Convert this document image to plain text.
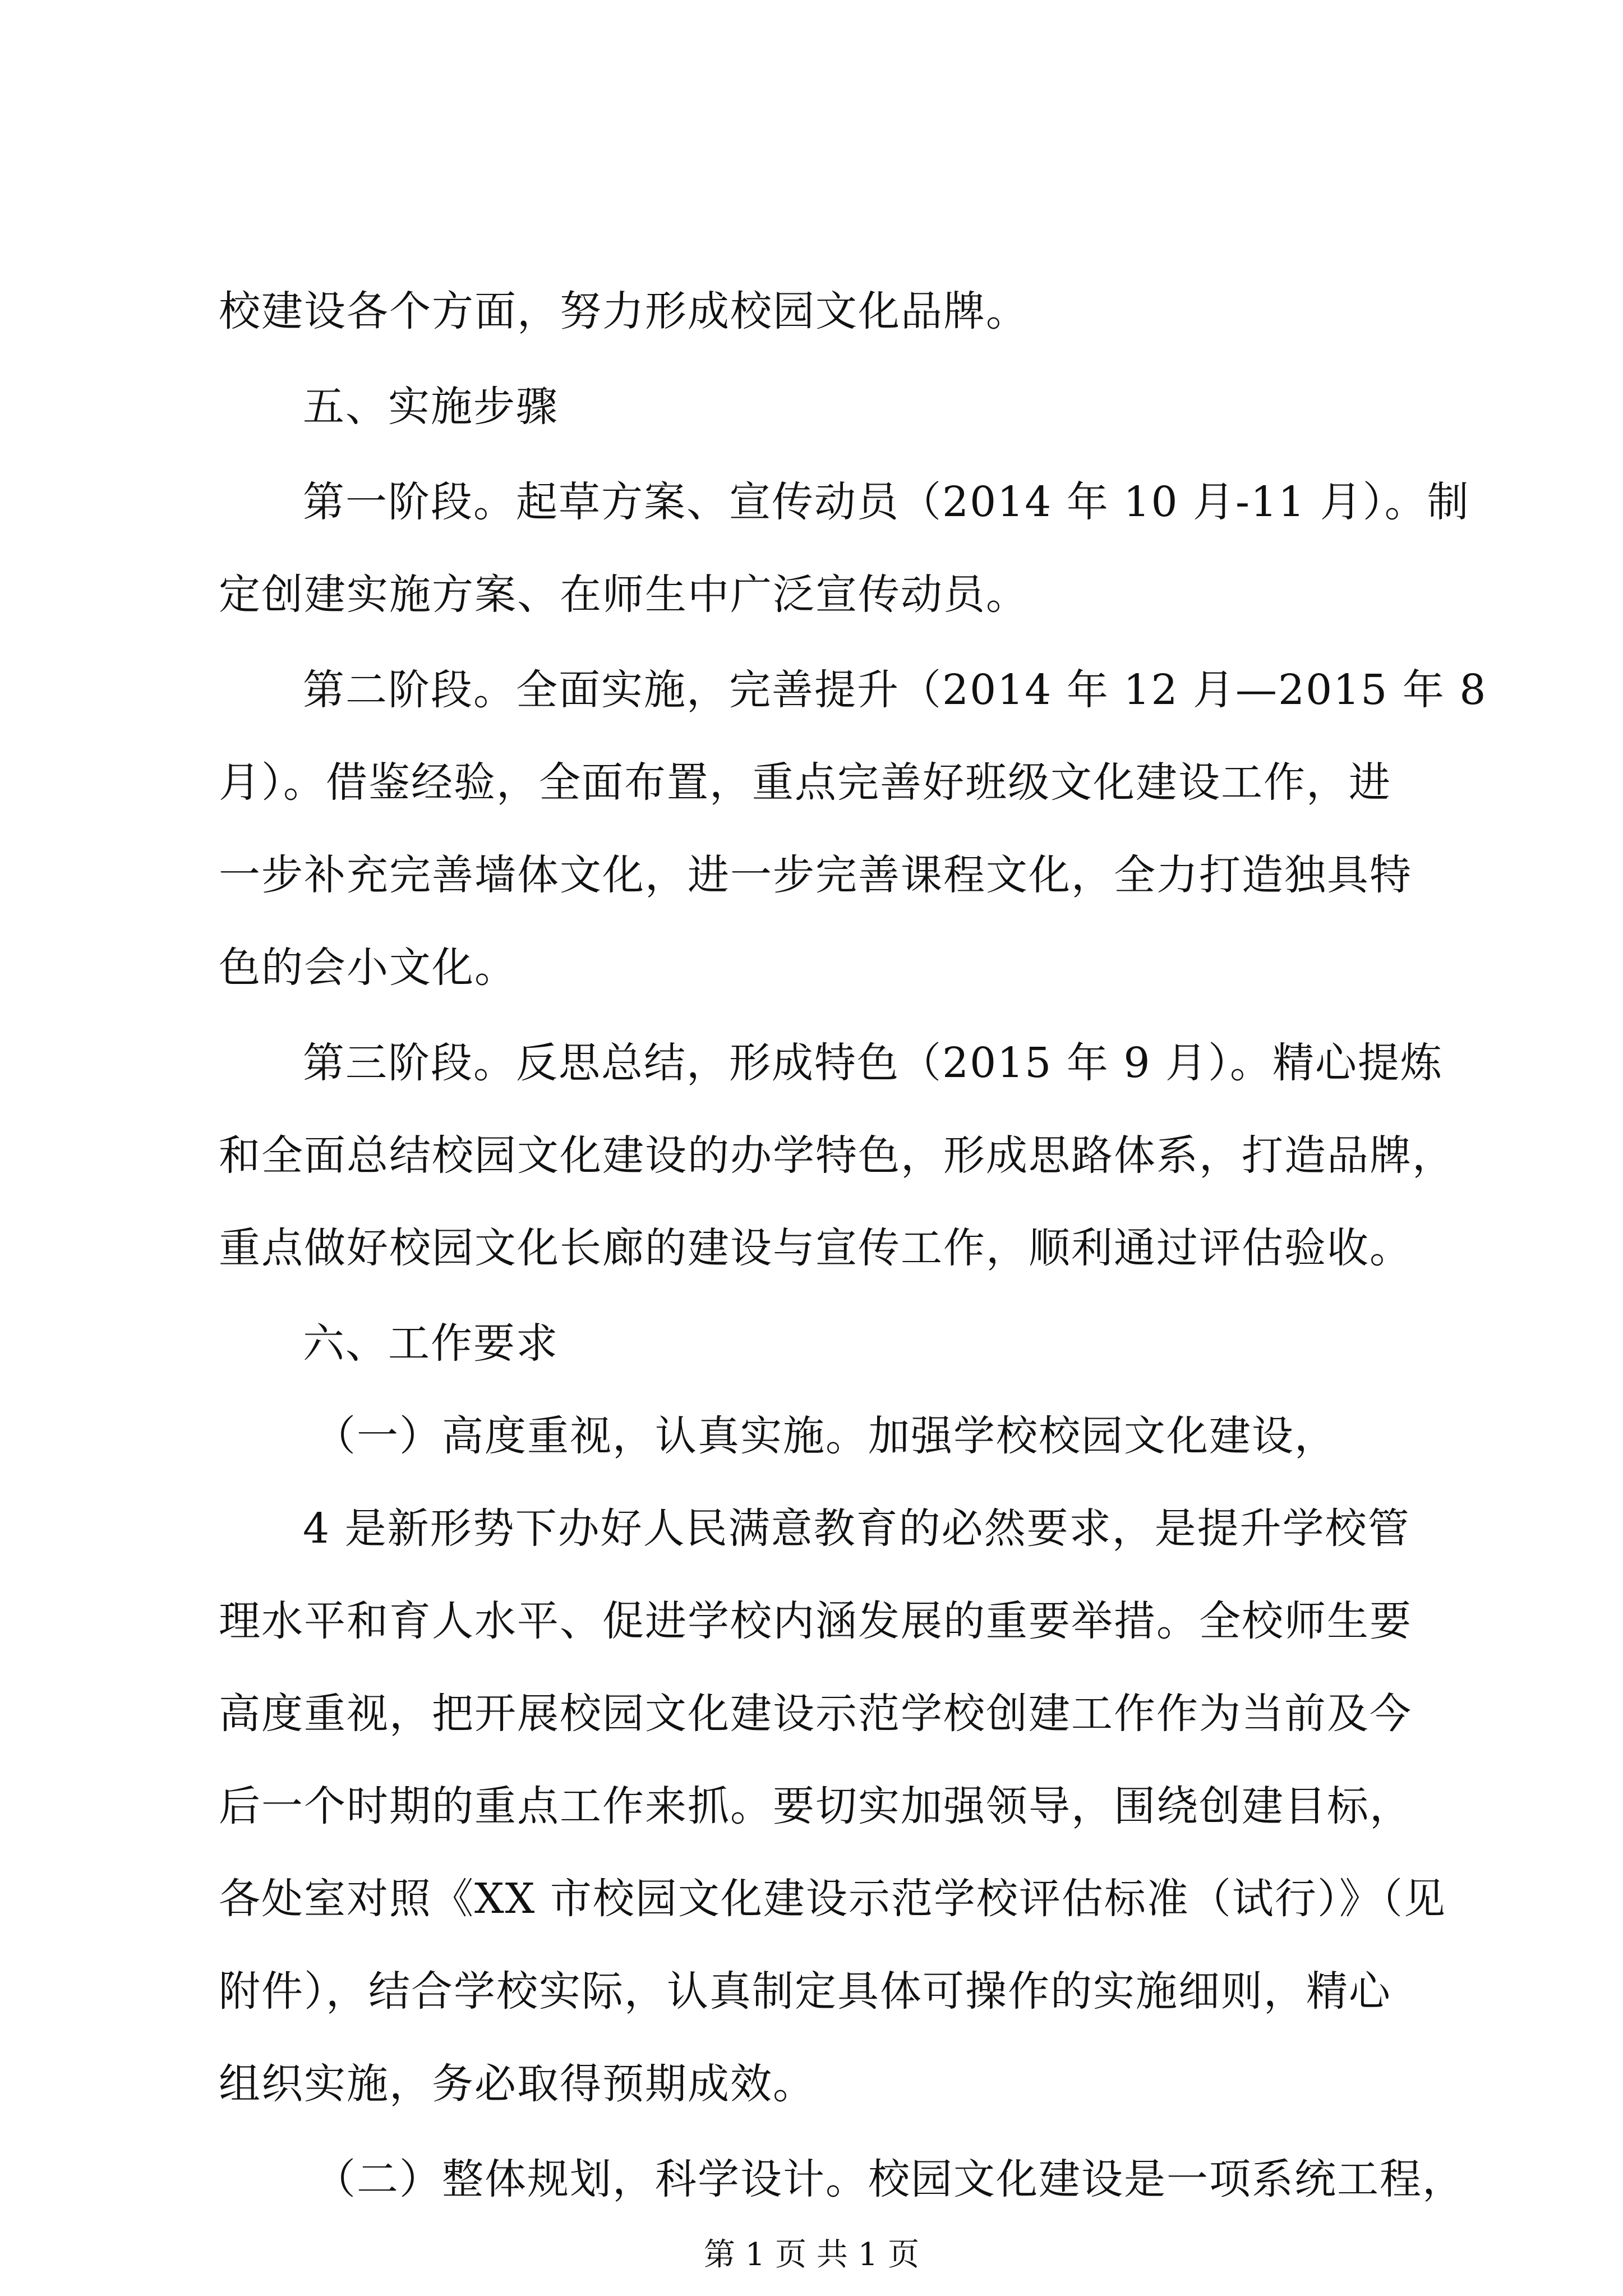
校建设各个方面，努力形成校园文化品牌。
五、实施步骤
第一阶段。起草方案、宣传动员（2014 年 10 月-11 月）。制
定创建实施方案、在师生中广泛宣传动员。
第二阶段。全面实施，完善提升（2014 年 12 月—2015 年 8
月）。借鉴经验，全面布置，重点完善好班级文化建设工作，进
一步补充完善墙体文化，进一步完善课程文化，全力打造独具特
色的会小文化。
第三阶段。反思总结，形成特色（2015 年 9 月）。精心提炼
和全面总结校园文化建设的办学特色，形成思路体系，打造品牌，
重点做好校园文化长廊的建设与宣传工作，顺利通过评估验收。
六、工作要求
（一）高度重视，认真实施。加强学校校园文化建设，
4 是新形势下办好人民满意教育的必然要求，是提升学校管
理水平和育人水平、促进学校内涵发展的重要举措。全校师生要
高度重视，把开展校园文化建设示范学校创建工作作为当前及今
后一个时期的重点工作来抓。要切实加强领导，围绕创建目标，
各处室对照《XX 市校园文化建设示范学校评估标准（试行）》（见
附件），结合学校实际，认真制定具体可操作的实施细则，精心
组织实施，务必取得预期成效。
（二）整体规划，科学设计。校园文化建设是一项系统工程，
第 1 页 共 1 页
